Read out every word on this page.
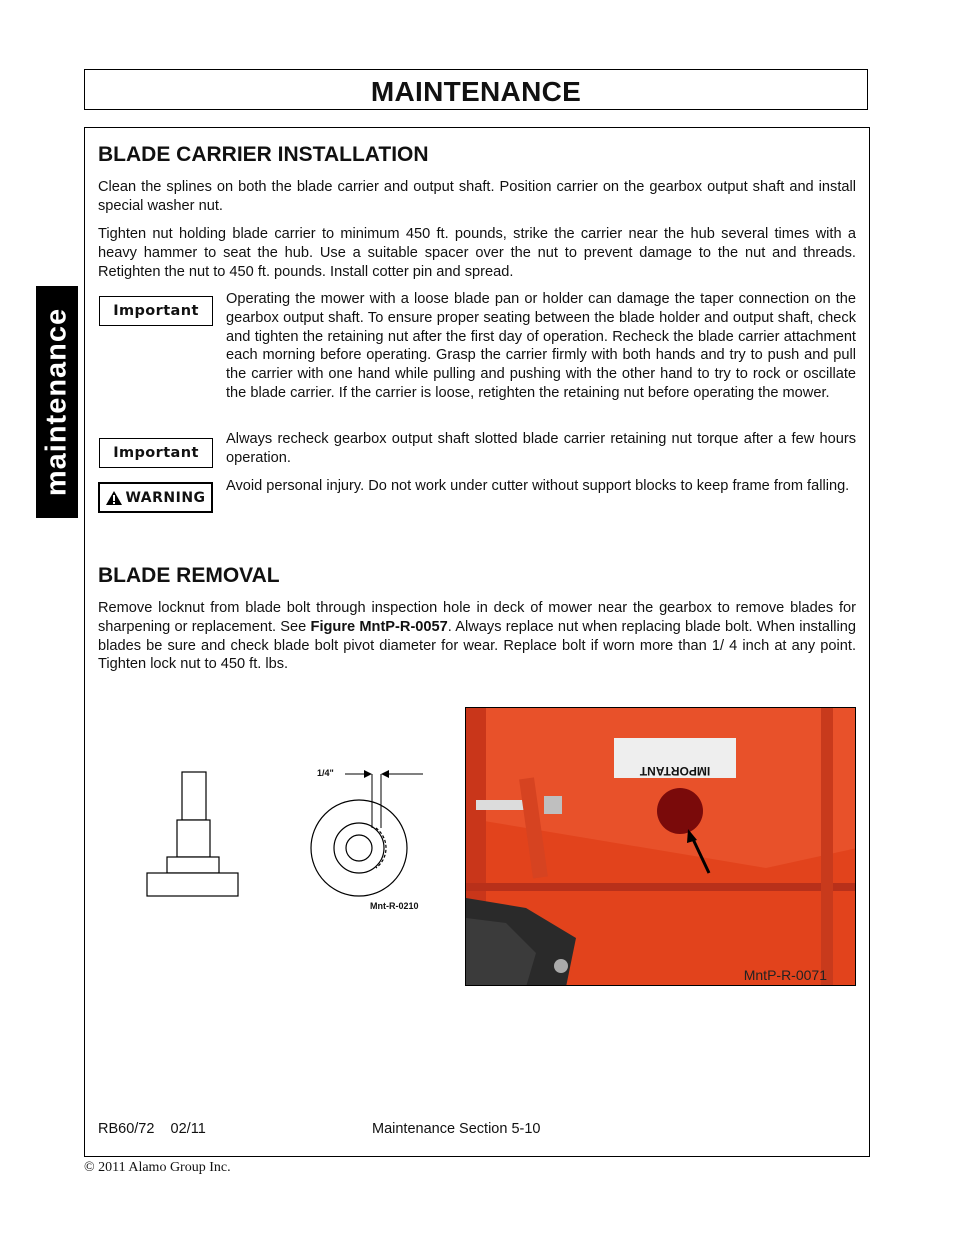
MAINTENANCE
maintenance
BLADE CARRIER INSTALLATION
Clean the splines on both the blade carrier and output shaft. Position carrier on the gearbox output shaft and install special washer nut.
Tighten nut holding blade carrier to minimum 450 ft. pounds, strike the carrier near the hub several times with a heavy hammer to seat the hub. Use a suitable spacer over the nut to prevent damage to the nut and threads. Retighten the nut to 450 ft. pounds. Install cotter pin and spread.
Important
Operating the mower with a loose blade pan or holder can damage the taper connection on the gearbox output shaft. To ensure proper seating between the blade holder and output shaft, check and tighten the retaining nut after the first day of operation. Recheck the blade carrier attachment each morning before operating. Grasp the carrier firmly with both hands and try to push and pull the carrier with one hand while pulling and pushing with the other hand to try to rock or oscillate the blade carrier. If the carrier is loose, retighten the retaining nut before operating the mower.
Important
Always recheck gearbox output shaft slotted blade carrier retaining nut torque after a few hours operation.
WARNING
Avoid personal injury. Do not work under cutter without support blocks to keep frame from falling.
BLADE REMOVAL
Remove locknut from blade bolt through inspection hole in deck of mower near the gearbox to remove blades for sharpening or replacement. See Figure MntP-R-0057. Always replace nut when replacing blade bolt. When installing blades be sure and check blade bolt pivot diameter for wear. Replace bolt if worn more than 1/ 4 inch at any point. Tighten lock nut to 450 ft. lbs.
1/4"
Mnt-R-0210
IMPORTANT
MntP-R-0071
RB60/72    02/11	Maintenance Section 5-10
© 2011 Alamo Group Inc.
